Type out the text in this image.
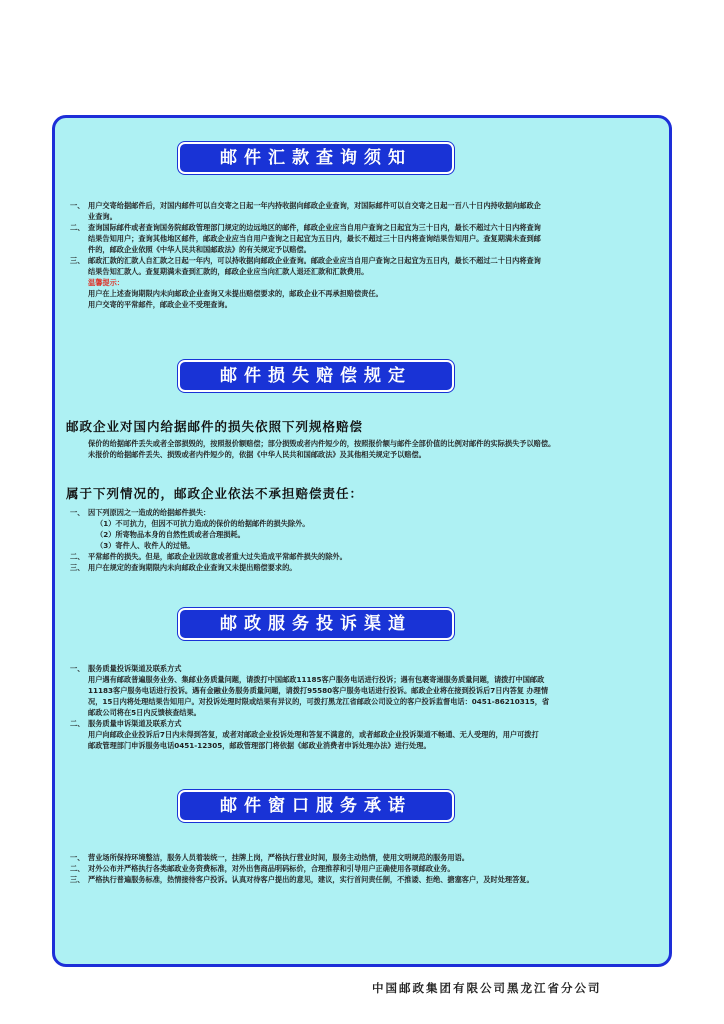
邮件汇款查询须知
一、 用户交寄给据邮件后，对国内邮件可以自交寄之日起一年内持收据向邮政企业查询，对国际邮件可以自交寄之日起一百八十日内持收据向邮政企
业查询。
二、 查询国际邮件或者查询国务院邮政管理部门规定的边远地区的邮件，邮政企业应当自用户查询之日起宜为三十日内，最长不超过六十日内将查询
结果告知用户；查询其他地区邮件，邮政企业应当自用户查询之日起宜为五日内，最长不超过三十日内将查询结果告知用户。查复期满未查到邮
件的，邮政企业依照《中华人民共和国邮政法》的有关规定予以赔偿。
三、 邮政汇款的汇款人自汇款之日起一年内，可以持收据向邮政企业查询。邮政企业应当自用户查询之日起宜为五日内，最长不超过二十日内将查询
结果告知汇款人。查复期满未查到汇款的，邮政企业应当向汇款人退还汇款和汇款费用。
温馨提示：
用户在上述查询期限内未向邮政企业查询又未提出赔偿要求的，邮政企业不再承担赔偿责任。
用户交寄的平常邮件，邮政企业不受理查询。
邮件损失赔偿规定
邮政企业对国内给据邮件的损失依照下列规格赔偿
保价的给据邮件丢失或者全部损毁的，按照报价额赔偿；部分损毁或者内件短少的，按照报价额与邮件全部价值的比例对邮件的实际损失予以赔偿。
未报价的给据邮件丢失、损毁或者内件短少的，依据《中华人民共和国邮政法》及其他相关规定予以赔偿。
属于下列情况的，邮政企业依法不承担赔偿责任：
一、 因下列原因之一造成的给据邮件损失：
（1）不可抗力，但因不可抗力造成的保价的给据邮件的损失除外。
（2）所寄物品本身的自然性质或者合理损耗。
（3）寄件人、收件人的过错。
二、 平常邮件的损失。但是，邮政企业因故意或者重大过失造成平常邮件损失的除外。
三、 用户在规定的查询期限内未向邮政企业查询又未提出赔偿要求的。
邮政服务投诉渠道
一、 服务质量投诉渠道及联系方式
用户遇有邮政普遍服务业务、集邮业务质量问题，请拨打中国邮政11185客户服务电话进行投诉；遇有包裹寄递服务质量问题，请拨打中国邮政
11183客户服务电话进行投诉。遇有金融业务服务质量问题，请拨打95580客户服务电话进行投诉。邮政企业将在接到投诉后7日内答复 办理情
况，15日内将处理结果告知用户。对投诉处理时限或结果有异议的，可拨打黑龙江省邮政公司设立的客户投诉监督电话：0451-86210315，省
邮政公司将在5日内反馈核查结果。
二、 服务质量申诉渠道及联系方式
用户向邮政企业投诉后7日内未得到答复，或者对邮政企业投诉处理和答复不满意的，或者邮政企业投诉渠道不畅通、无人受理的，用户可拨打
邮政管理部门申诉服务电话0451-12305，邮政管理部门将依据《邮政业消费者申诉处理办法》进行处理。
邮件窗口服务承诺
一、 营业场所保持环境整洁，服务人员着装统一，挂牌上岗，严格执行营业时间，服务主动热情，使用文明规范的服务用语。
二、 对外公布并严格执行各类邮政业务资费标准，对外出售商品明码标价，合理推荐和引导用户正确使用各项邮政业务。
三、 严格执行普遍服务标准，热情接待客户投诉。认真对待客户提出的意见，建议，实行首问责任制，不推诿、拒绝、搪塞客户，及时处理答复。
中国邮政集团有限公司黑龙江省分公司
